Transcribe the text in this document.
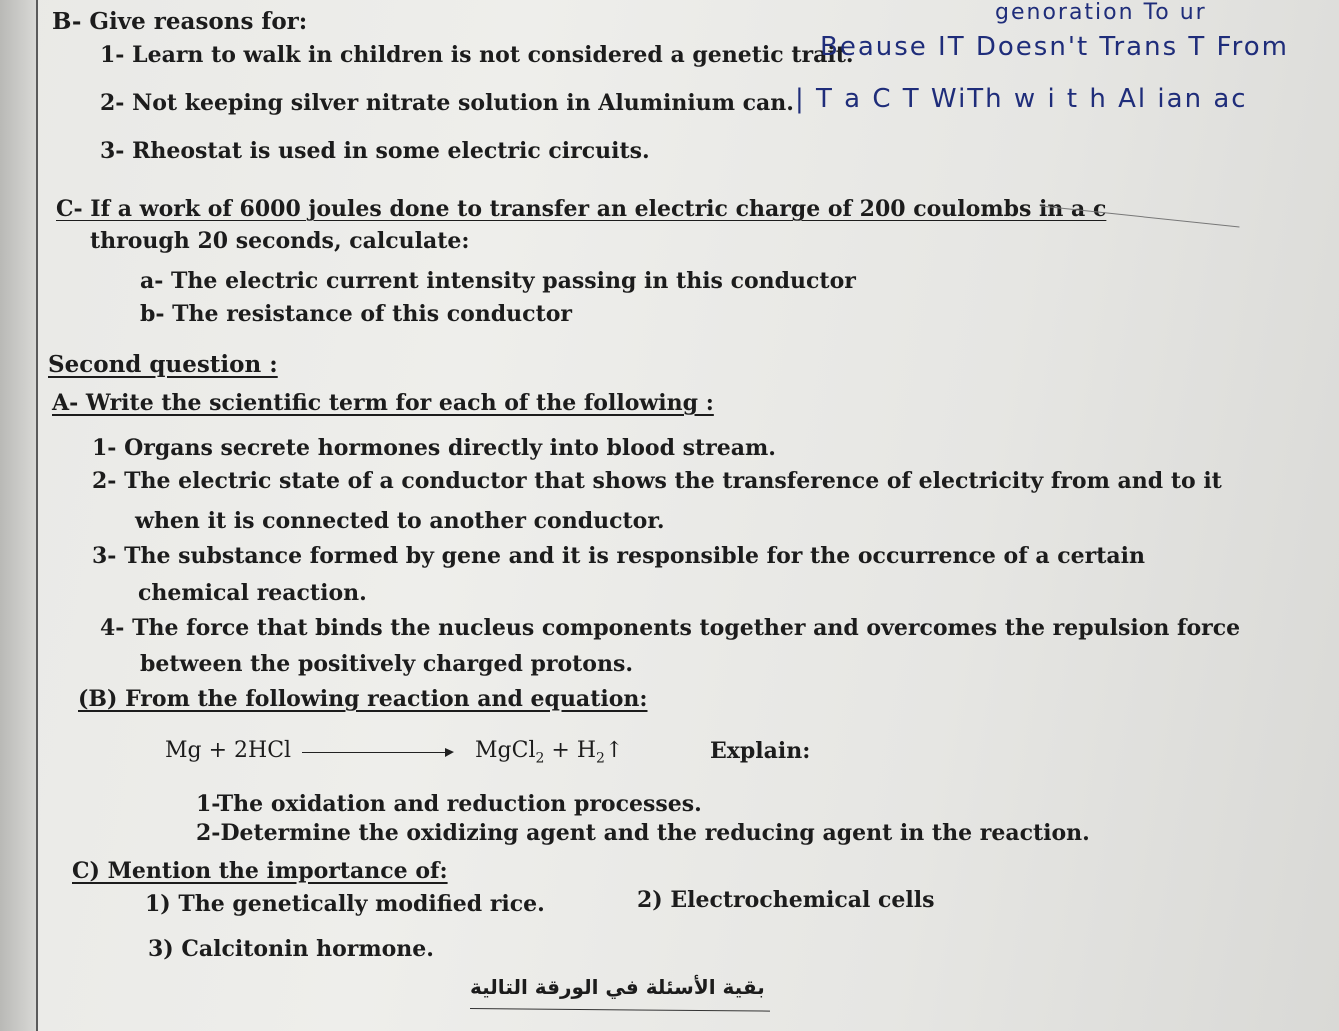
B- Give reasons for:
1- Learn to walk in children is not considered a genetic trait.
2- Not keeping silver nitrate solution in Aluminium can.
3- Rheostat is used in some electric circuits.
genoration To ur
Beause IT Doesn't Trans T From
| T a C T WiTh w i t h Al ian ac
C- If a work of 6000 joules done to transfer an electric charge of 200 coulombs in a c
through 20 seconds, calculate:
a- The electric current intensity passing in this conductor
b- The resistance of this conductor
Second question :
A- Write the scientific term for each of the following :
1- Organs secrete hormones directly into blood stream.
2- The electric state of a conductor that shows the transference of electricity from and to it
when it is connected to another conductor.
3- The substance formed by gene and it is responsible for the occurrence of a certain
chemical reaction.
4- The force that binds the nucleus components together and overcomes the repulsion force
between the positively charged protons.
(B) From the following reaction and equation:
Mg + 2HCl	MgCl$_2$ + $H_2↑$	Explain:
1-The oxidation and reduction processes.
2-Determine the oxidizing agent and the reducing agent in the reaction.
C) Mention the importance of:
1) The genetically modified rice.	2) Electrochemical cells
3) Calcitonin hormone.
بقية الأسئلة في الورقة التالية
